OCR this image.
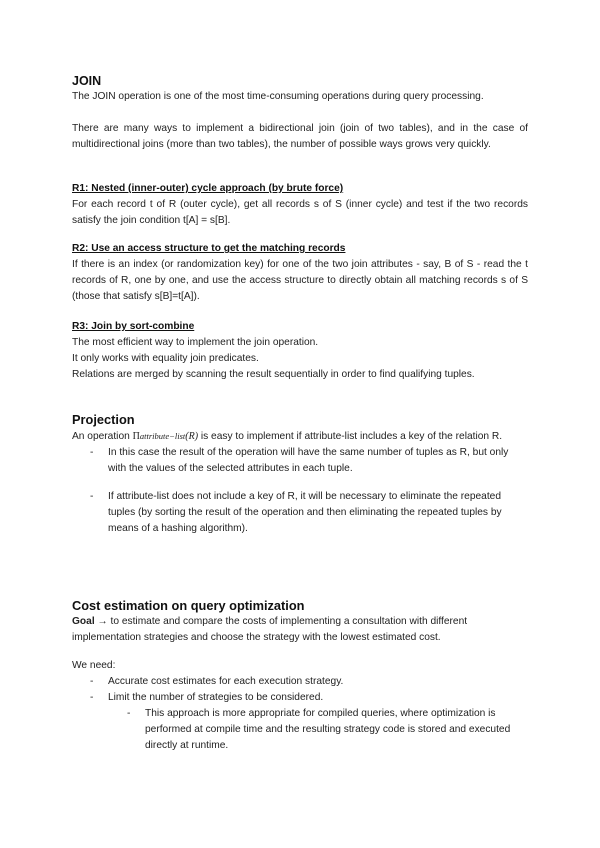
JOIN

The JOIN operation is one of the most time-consuming operations during query processing.

There are many ways to implement a bidirectional join (join of two tables), and in the case of multidirectional joins (more than two tables), the number of possible ways grows very quickly.
R1: Nested (inner-outer) cycle approach (by brute force)

For each record t of R (outer cycle), get all records s of S (inner cycle) and test if the two records satisfy the join condition t[A] = s[B].

R2: Use an access structure to get the matching records

If there is an index (or randomization key) for one of the two join attributes - say, B of S - read the t records of R, one by one, and use the access structure to directly obtain all matching records s of S (those that satisfy s[B]=t[A]).

R3: Join by sort-combine

The most efficient way to implement the join operation.

It only works with equality join predicates.

Relations are merged by scanning the result sequentially in order to find qualifying tuples.

Projection

An operation Πattribute−list(R) is easy to implement if attribute-list includes a key of the relation R.

- In this case the result of the operation will have the same number of tuples as R, but only with the values of the selected attributes in each tuple.
- If attribute-list does not include a key of R, it will be necessary to eliminate the repeated tuples (by sorting the result of the operation and then eliminating the repeated tuples by means of a hashing algorithm).
Cost estimation on query optimization

Goal → to estimate and compare the costs of implementing a consultation with different implementation strategies and choose the strategy with the lowest estimated cost.

We need:

- Accurate cost estimates for each execution strategy.
- Limit the number of strategies to be considered.
- This approach is more appropriate for compiled queries, where optimization is performed at compile time and the resulting strategy code is stored and executed directly at runtime.
